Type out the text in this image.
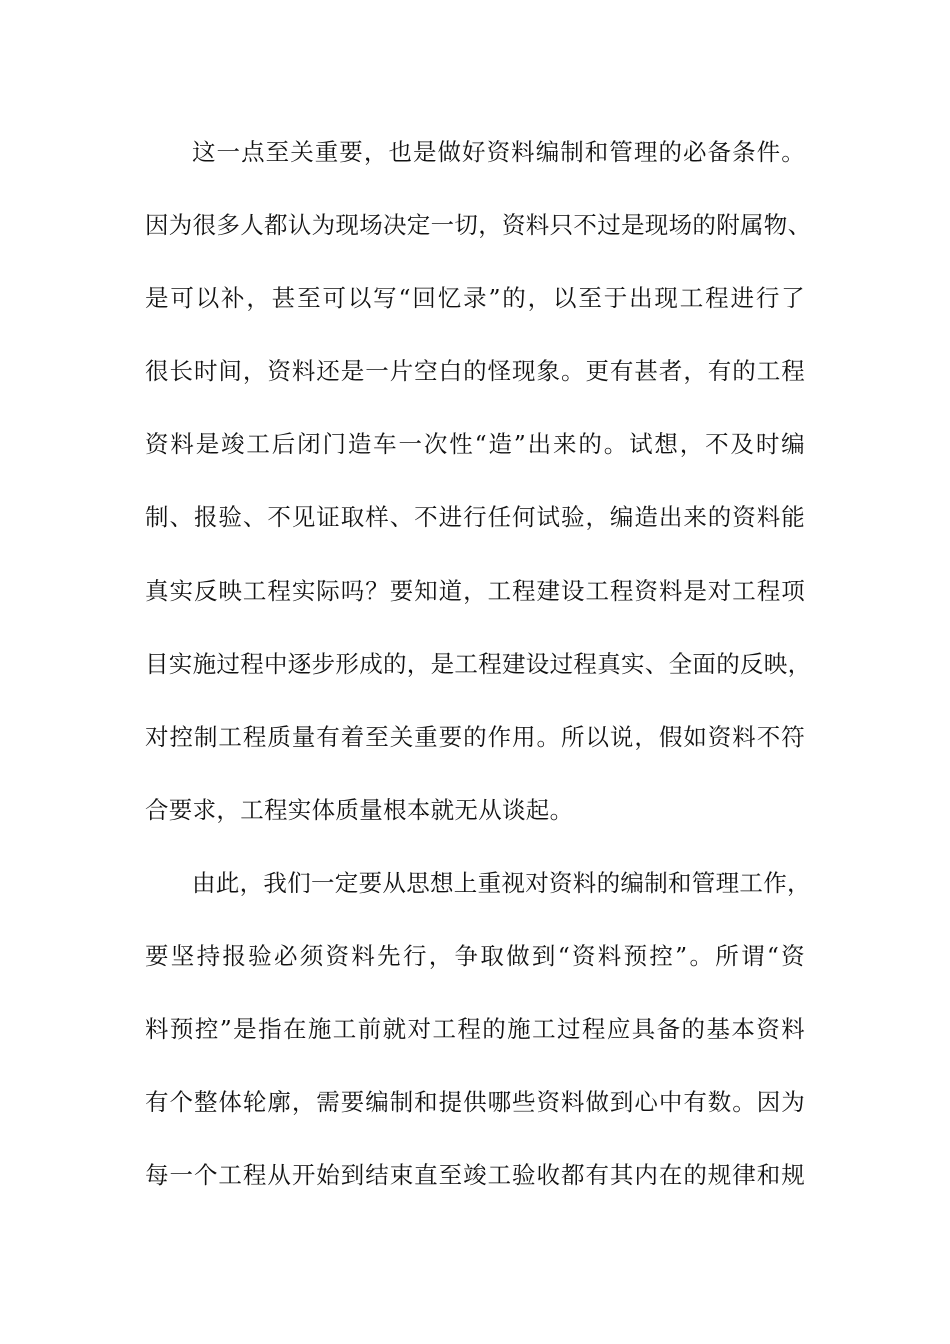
这一点至关重要，也是做好资料编制和管理的必备条件。
因为很多人都认为现场决定一切，资料只不过是现场的附属物、
是可以补，甚至可以写“回忆录”的，以至于出现工程进行了
很长时间，资料还是一片空白的怪现象。更有甚者，有的工程
资料是竣工后闭门造车一次性“造”出来的。试想，不及时编
制、报验、不见证取样、不进行任何试验，编造出来的资料能
真实反映工程实际吗？要知道，工程建设工程资料是对工程项
目实施过程中逐步形成的，是工程建设过程真实、全面的反映，
对控制工程质量有着至关重要的作用。所以说，假如资料不符
合要求，工程实体质量根本就无从谈起。
由此，我们一定要从思想上重视对资料的编制和管理工作，
要坚持报验必须资料先行，争取做到“资料预控”。所谓“资
料预控”是指在施工前就对工程的施工过程应具备的基本资料
有个整体轮廓，需要编制和提供哪些资料做到心中有数。因为
每一个工程从开始到结束直至竣工验收都有其内在的规律和规
